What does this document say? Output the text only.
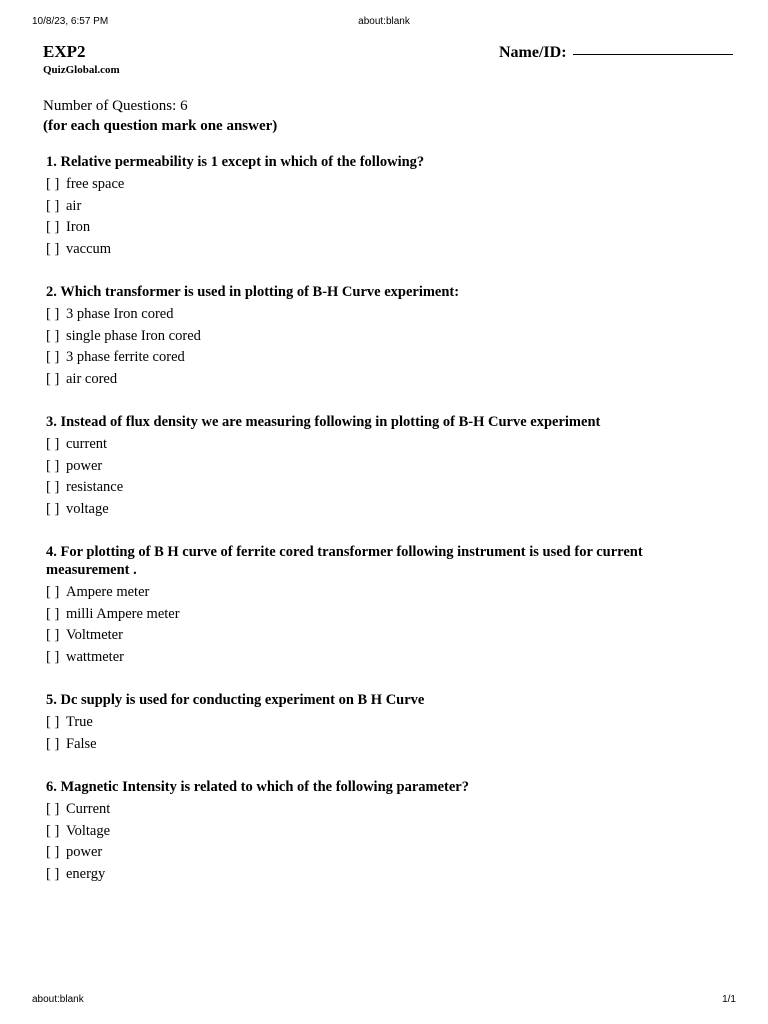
10/8/23, 6:57 PM	about:blank
EXP2
QuizGlobal.com
Name/ID:
Number of Questions: 6
(for each question mark one answer)
1. Relative permeability is 1 except in which of the following?
[ ] free space
[ ] air
[ ] Iron
[ ] vaccum
2. Which transformer is used in plotting of B-H Curve experiment:
[ ] 3 phase Iron cored
[ ] single phase Iron cored
[ ] 3 phase ferrite cored
[ ] air cored
3. Instead of flux density we are measuring following in plotting of B-H Curve experiment
[ ] current
[ ] power
[ ] resistance
[ ] voltage
4. For plotting of B H curve of ferrite cored transformer following instrument is used for current measurement .
[ ] Ampere meter
[ ] milli Ampere meter
[ ] Voltmeter
[ ] wattmeter
5. Dc supply is used for conducting experiment on B H Curve
[ ] True
[ ] False
6. Magnetic Intensity is related to which of the following parameter?
[ ] Current
[ ] Voltage
[ ] power
[ ] energy
about:blank	1/1
